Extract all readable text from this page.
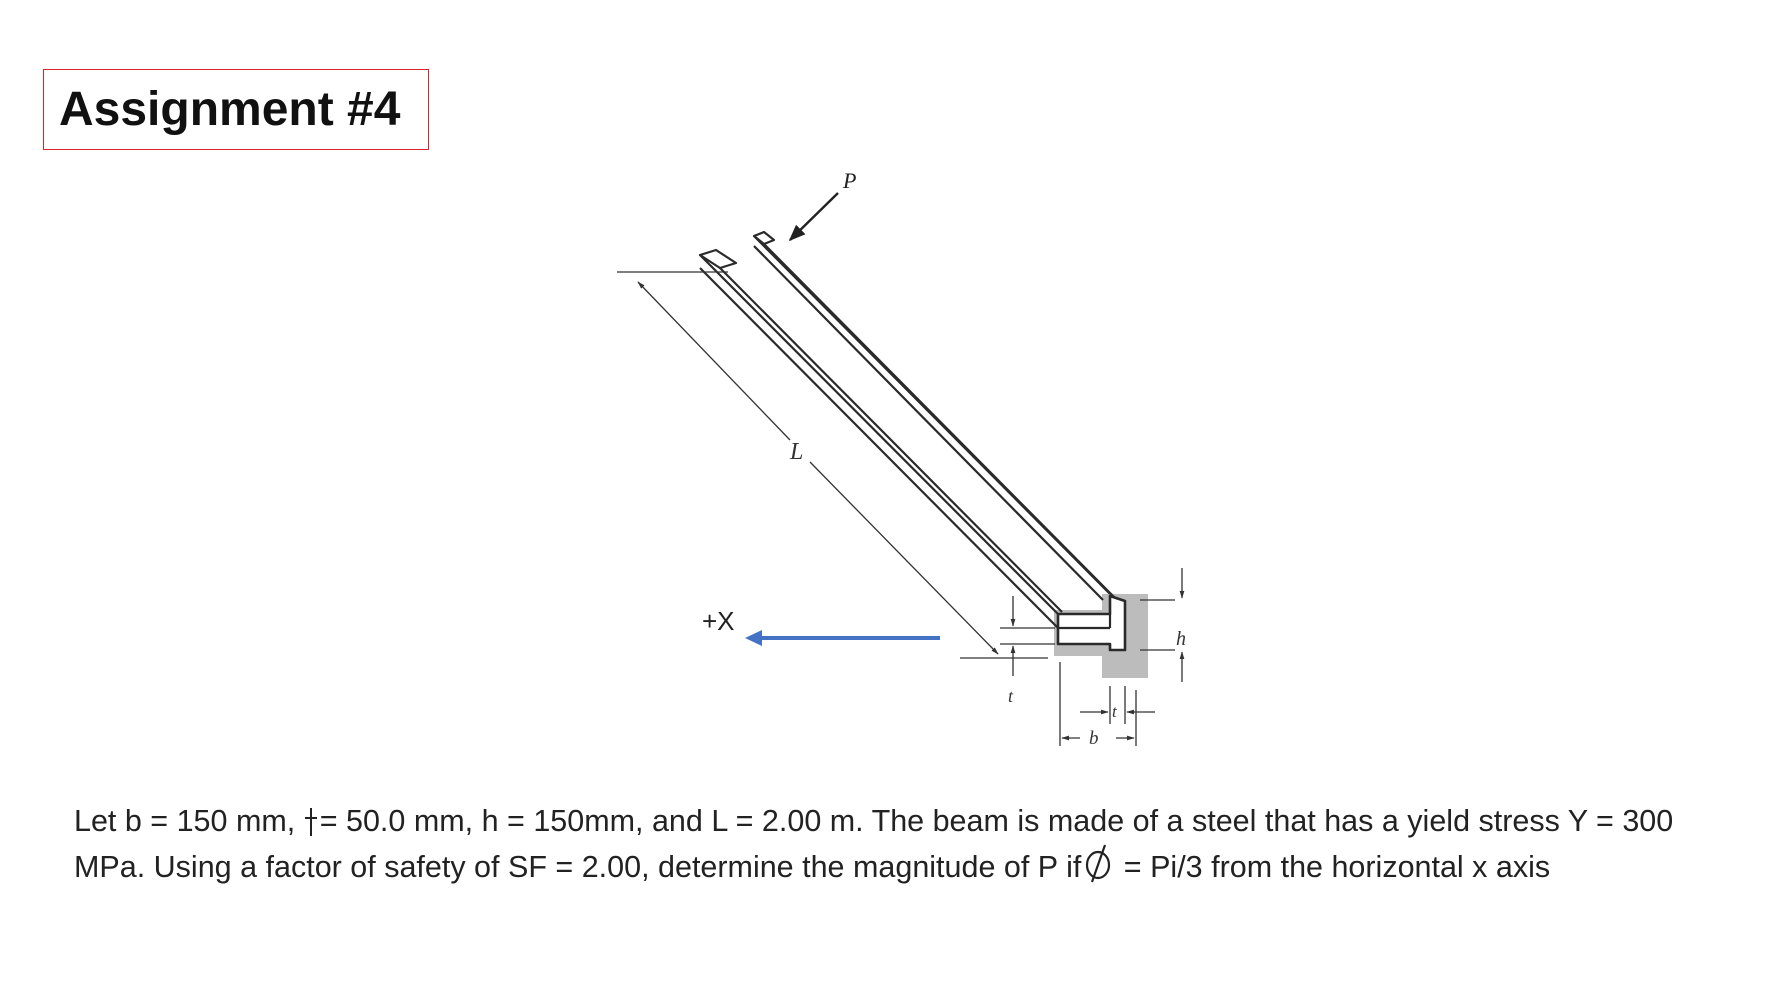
Assignment #4
P
L
t
h
t
b
+X
Let b = 150 mm, = 50.0 mm, h = 150mm, and L = 2.00 m. The beam is made of a steel that has a yield stress Y = 300
MPa. Using a factor of safety of SF = 2.00, determine the magnitude of P if = Pi/3 from the horizontal x axis
